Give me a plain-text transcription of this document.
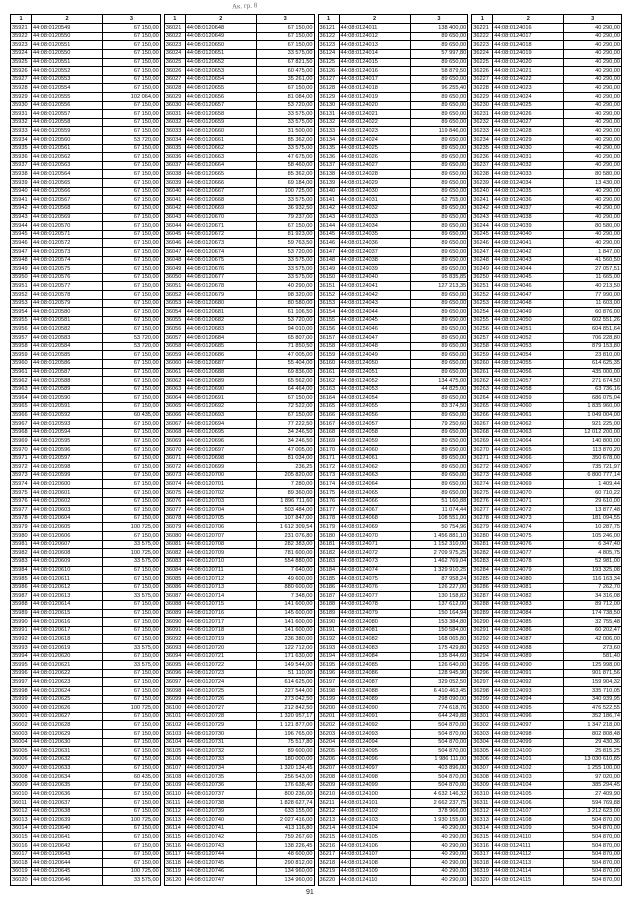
Ак. гр. 8
1	2	3
35921	44:08:0120549	67 150,00
35922	44:08:0120550	67 150,00
35923	44:08:0120551	67 150,00
35924	44:08:0120550	67 150,00
35925	44:08:0120551	67 150,00
35926	44:08:0120552	67 150,00
35927	44:08:0120553	67 150,00
35928	44:08:0120554	67 150,00
35929	44:08:0120555	102 064,00
35930	44:08:0120556	67 150,00
35931	44:08:0120557	67 150,00
35932	44:08:0120558	67 150,00
35933	44:08:0120559	67 150,00
35934	44:08:0120560	53 720,00
35935	44:08:0120561	67 150,00
35936	44:08:0120562	67 150,00
35937	44:08:0120563	67 150,00
35938	44:08:0120564	67 150,00
35939	44:08:0120565	67 150,00
35940	44:08:0120566	67 150,00
35941	44:08:0120567	67 150,00
35942	44:08:0120568	67 150,00
35943	44:08:0120569	67 150,00
35944	44:08:0120570	67 150,00
35945	44:08:0120571	67 150,00
35946	44:08:0120572	67 150,00
35947	44:08:0120573	67 150,00
35948	44:08:0120574	67 150,00
35949	44:08:0120575	67 150,00
35950	44:08:0120576	67 150,00
35951	44:08:0120577	67 150,00
35952	44:08:0120578	67 150,00
35953	44:08:0120579	67 150,00
35954	44:08:0120580	67 150,00
35955	44:08:0120581	67 150,00
35956	44:08:0120582	67 150,00
35957	44:08:0120583	53 720,00
35958	44:08:0120584	53 720,00
35959	44:08:0120585	67 150,00
35960	44:08:0120586	67 150,00
35961	44:08:0120587	67 150,00
35962	44:08:0120588	67 150,00
35963	44:08:0120589	67 150,00
35964	44:08:0120590	67 150,00
35965	44:08:0120591	67 150,00
35966	44:08:0120592	60 435,00
35967	44:08:0120593	67 150,00
35968	44:08:0120594	67 150,00
35969	44:08:0120595	67 150,00
35970	44:08:0120596	67 150,00
35971	44:08:0120597	67 150,00
35972	44:08:0120598	67 150,00
35973	44:08:0120599	67 150,00
35974	44:08:0120600	67 150,00
35975	44:08:0120601	67 150,00
35976	44:08:0120602	67 150,00
35977	44:08:0120603	67 150,00
35978	44:08:0120604	67 150,00
35979	44:08:0120605	100 725,00
35980	44:08:0120606	67 150,00
35981	44:08:0120607	33 575,00
35982	44:08:0120608	100 725,00
35983	44:08:0120609	33 575,00
35984	44:08:0120610	67 150,00
35985	44:08:0120611	67 150,00
35986	44:08:0120612	67 150,00
35987	44:08:0120613	33 575,00
35988	44:08:0120614	67 150,00
35989	44:08:0120615	67 150,00
35990	44:08:0120616	67 150,00
35991	44:08:0120617	67 150,00
35992	44:08:0120618	67 150,00
35993	44:08:0120619	33 575,00
35994	44:08:0120620	67 150,00
35995	44:08:0120621	33 575,00
35996	44:08:0120622	67 150,00
35997	44:08:0120623	67 150,00
35998	44:08:0120624	67 150,00
35999	44:08:0120625	67 150,00
36000	44:08:0120626	100 725,00
36001	44:08:0120627	67 150,00
36002	44:08:0120628	67 150,00
36003	44:08:0120629	67 150,00
36004	44:08:0120630	67 150,00
36005	44:08:0120631	67 150,00
36006	44:08:0120632	67 150,00
36007	44:08:0120633	67 150,00
36008	44:08:0120634	60 435,00
36009	44:08:0120635	67 150,00
36010	44:08:0120636	67 150,00
36011	44:08:0120637	67 150,00
36012	44:08:0120638	67 150,00
36013	44:08:0120639	100 725,00
36014	44:08:0120640	67 150,00
36015	44:08:0120641	67 150,00
36016	44:08:0120642	67 150,00
36017	44:08:0120643	67 150,00
36018	44:08:0120644	67 150,00
36019	44:08:0120645	100 725,00
36020	44:08:0120646	33 575,00
1	2	3
36021	44:08:0120648	67 150,00
36022	44:08:0120649	67 150,00
36023	44:08:0120650	67 150,00
36024	44:08:0120651	33 575,00
36025	44:08:0120652	67 821,50
36026	44:08:0120653	60 475,00
36027	44:08:0120654	35 261,00
36028	44:08:0120655	67 150,00
36029	44:08:0120656	81 084,00
36030	44:08:0120657	53 720,00
36031	44:08:0120658	33 575,00
36032	44:08:0120659	33 575,00
36033	44:08:0120660	31 500,00
36034	44:08:0120661	85 362,00
36035	44:08:0120662	33 575,00
36036	44:08:0120663	47 675,00
36037	44:08:0120664	58 460,00
36038	44:08:0120665	85 362,00
36039	44:08:0120666	69 184,00
36040	44:08:0120667	100 725,00
36041	44:08:0120668	33 575,00
36042	44:08:0120669	36 932,50
36043	44:08:0120670	79 237,00
36044	44:08:0120671	67 150,00
36045	44:08:0120672	81 923,00
36046	44:08:0120673	59 763,50
36047	44:08:0120674	53 720,00
36048	44:08:0120675	33 575,00
36049	44:08:0120676	33 575,00
36050	44:08:0120677	33 575,00
36051	44:08:0120678	40 290,00
36052	44:08:0120679	98 320,00
36053	44:08:0120680	80 580,00
36054	44:08:0120681	61 106,50
36055	44:08:0120682	53 720,00
36056	44:08:0120683	94 010,00
36057	44:08:0120684	65 807,00
36058	44:08:0120685	71 850,50
36059	44:08:0120686	47 005,00
36060	44:08:0120687	55 404,00
36061	44:08:0120688	69 836,00
36062	44:08:0120689	65 562,00
36063	44:08:0120690	64 464,00
36064	44:08:0120691	67 150,00
36065	44:08:0120692	72 522,00
36066	44:08:0120693	67 150,00
36067	44:08:0120694	77 222,50
36068	44:08:0120695	34 246,50
36069	44:08:0120696	34 246,50
36070	44:08:0120697	47 005,00
36071	44:08:0120698	81 034,00
36072	44:08:0120699	236,25
36073	44:08:0120700	205 820,00
36074	44:08:0120701	7 280,00
36075	44:08:0120702	89 360,00
36076	44:08:0120703	1 896 711,60
36077	44:08:0120704	503 484,00
36078	44:08:0120705	107 847,00
36079	44:08:0120706	1 612 309,54
36080	44:08:0120707	231 076,80
36081	44:08:0120708	282 383,00
36082	44:08:0120709	781 600,00
36083	44:08:0120710	554 880,00
36084	44:08:0120711	7 640,00
36085	44:08:0120712	49 600,00
36086	44:08:0120713	880 600,00
36087	44:08:0120714	7 348,00
36088	44:08:0120715	141 600,00
36089	44:08:0120716	145 600,00
36090	44:08:0120717	141 600,00
36091	44:08:0120718	141 600,00
36092	44:08:0120719	236 380,00
36093	44:08:0120720	122 712,00
36094	44:08:0120721	171 630,00
36095	44:08:0120722	149 544,00
36096	44:08:0120723	51 110,00
36097	44:08:0120724	614 625,00
36098	44:08:0120725	227 544,00
36099	44:08:0120726	273 042,50
36100	44:08:0120727	212 842,50
36101	44:08:0120728	1 320 957,17
36102	44:08:0120729	1 121 877,00
36103	44:08:0120730	196 765,00
36104	44:08:0120731	75 517,80
36105	44:08:0120732	89 600,00
36106	44:08:0120733	180 000,00
36107	44:08:0120734	1 320 134,45
36108	44:08:0120735	256 543,00
36109	44:08:0120736	176 638,40
36110	44:08:0120737	800 236,00
36111	44:08:0120738	1 828 627,74
36112	44:08:0120739	633 155,00
36113	44:08:0120740	2 027 416,00
36114	44:08:0120741	413 116,80
36115	44:08:0120742	759 267,60
36116	44:08:0120743	138 226,45
36117	44:08:0120744	48 600,00
36118	44:08:0120745	290 812,00
36119	44:08:0120746	134 960,00
36120	44:08:0120747	134 960,00
1	2	3
36121	44:08:0124011	138 400,00
36122	44:08:0124012	89 650,00
36123	44:08:0124013	89 650,00
36124	44:08:0124014	57 997,80
36125	44:08:0124015	89 650,00
36126	44:08:0124016	58 879,50
36127	44:08:0124017	89 650,00
36128	44:08:0124018	96 255,40
36129	44:08:0124019	89 650,00
36130	44:08:0124020	89 650,00
36131	44:08:0124021	89 650,00
36132	44:08:0124022	89 650,00
36133	44:08:0124023	119 846,00
36134	44:08:0124024	89 650,00
36135	44:08:0124025	89 650,00
36136	44:08:0124026	89 650,00
36137	44:08:0124027	89 650,00
36138	44:08:0124028	89 650,00
36139	44:08:0124029	89 650,00
36140	44:08:0124030	89 650,00
36141	44:08:0124031	62 755,00
36142	44:08:0124032	89 650,00
36143	44:08:0124033	89 650,00
36144	44:08:0124034	89 650,00
36145	44:08:0124035	89 650,00
36146	44:08:0124036	89 650,00
36147	44:08:0124037	89 650,00
36148	44:08:0124038	89 650,00
36149	44:08:0124039	89 650,00
36150	44:08:0124040	95 835,85
36151	44:08:0124041	127 213,35
36152	44:08:0124042	89 650,00
36153	44:08:0124043	89 650,00
36154	44:08:0124044	89 650,00
36155	44:08:0124045	89 650,00
36156	44:08:0124046	89 650,00
36157	44:08:0124047	89 650,00
36158	44:08:0124048	89 650,00
36159	44:08:0124049	89 650,00
36160	44:08:0124050	89 650,00
36161	44:08:0124051	89 650,00
36162	44:08:0124052	134 475,00
36163	44:08:0124053	44 825,00
36164	44:08:0124054	89 650,00
36165	44:08:0124055	83 374,50
36166	44:08:0124056	89 650,00
36167	44:08:0124057	79 250,60
36168	44:08:0124058	89 650,00
36169	44:08:0124059	89 650,00
36170	44:08:0124060	89 650,00
36171	44:08:0124061	89 650,00
36172	44:08:0124062	89 650,00
36173	44:08:0124063	89 650,00
36174	44:08:0124064	89 650,00
36175	44:08:0124065	89 650,00
36176	44:08:0124066	51 160,88
36177	44:08:0124067	11 074,44
36178	44:08:0124068	108 551,00
36179	44:08:0124069	50 754,96
36180	44:08:0124070	1 456 881,10
36181	44:08:0124071	1 152 310,00
36182	44:08:0124072	2 709 975,25
36183	44:08:0124073	1 462 769,04
36184	44:08:0124074	1 329 910,25
36185	44:08:0124075	87 958,24
36186	44:08:0124076	126 227,00
36187	44:08:0124077	130 158,82
36188	44:08:0124078	137 612,00
36189	44:08:0124079	150 164,94
36190	44:08:0124080	153 384,80
36191	44:08:0124081	150 584,00
36192	44:08:0124082	168 065,80
36193	44:08:0124083	175 429,80
36194	44:08:0124084	135 844,60
36195	44:08:0124085	126 640,00
36196	44:08:0124086	128 945,90
36197	44:08:0124087	329 052,50
36198	44:08:0124088	6 410 463,45
36199	44:08:0124089	298 090,00
36200	44:08:0124090	774 618,76
36201	44:08:0124091	644 249,88
36202	44:08:0124092	504 870,00
36203	44:08:0124093	504 870,00
36204	44:08:0124094	504 870,00
36205	44:08:0124095	504 870,00
36206	44:08:0124096	1 986 111,00
36207	44:08:0124097	403 896,00
36208	44:08:0124098	504 870,00
36209	44:08:0124099	504 870,00
36210	44:08:0124100	4 632 146,32
36211	44:08:0124101	2 662 237,75
36212	44:08:0124102	378 966,00
36213	44:08:0124103	1 930 155,00
36214	44:08:0124104	40 290,00
36215	44:08:0124105	40 290,00
36216	44:08:0124106	40 290,00
36217	44:08:0124107	40 290,00
36218	44:08:0124108	40 290,00
36219	44:08:0124109	40 290,00
36220	44:08:0124110	40 290,00
1	2	3
36221	44:08:0124016	40 290,00
36222	44:08:0124017	40 290,00
36223	44:08:0124018	40 290,00
36224	44:08:0124019	40 290,00
36225	44:08:0124020	40 290,00
36226	44:08:0124021	40 290,00
36227	44:08:0124022	40 290,00
36228	44:08:0124023	40 290,00
36229	44:08:0124024	40 290,00
36230	44:08:0124025	40 290,00
36231	44:08:0124026	40 290,00
36232	44:08:0124027	40 290,00
36233	44:08:0124028	40 290,00
36234	44:08:0124029	40 290,00
36235	44:08:0124030	40 290,00
36236	44:08:0124031	40 290,00
36237	44:08:0124032	40 290,00
36238	44:08:0124033	80 580,00
36239	44:08:0124034	13 430,00
36240	44:08:0124035	40 290,00
36241	44:08:0124036	40 290,00
36242	44:08:0124037	40 290,00
36243	44:08:0124038	40 290,00
36244	44:08:0124039	80 580,00
36245	44:08:0124040	40 290,00
36246	44:08:0124041	40 290,00
36247	44:08:0124042	1 847,00
36248	44:08:0124043	41 560,50
36249	44:08:0124044	27 057,51
36250	44:08:0124045	11 665,00
36251	44:08:0124046	40 213,50
36252	44:08:0124047	77 990,00
36253	44:08:0124048	11 603,00
36254	44:08:0124049	60 876,00
36255	44:08:0124050	602 551,26
36256	44:08:0124051	604 851,64
36257	44:08:0124052	706 228,80
36258	44:08:0124053	879 153,80
36259	44:08:0124054	23 810,00
36260	44:08:0124055	614 625,35
36261	44:08:0124056	435 000,00
36262	44:08:0124057	271 674,50
36263	44:08:0124058	63 736,16
36264	44:08:0124059	686 075,04
36265	44:08:0124060	1 835 960,00
36266	44:08:0124061	1 049 004,00
36267	44:08:0124062	921 225,00
36268	44:08:0124063	12 012 200,00
36269	44:08:0124064	140 800,00
36270	44:08:0124065	113 870,20
36271	44:08:0124066	350 678,00
36272	44:08:0124067	735 721,97
36273	44:08:0124068	6 800 777,14
36274	44:08:0124069	1 409,44
36275	44:08:0124070	60 710,22
36276	44:08:0124071	29 610,00
36277	44:08:0124072	13 877,48
36278	44:08:0124073	181 094,55
36279	44:08:0124074	10 287,75
36280	44:08:0124075	105 246,00
36281	44:08:0124076	6 347,40
36282	44:08:0124077	4 805,75
36283	44:08:0124078	52 981,00
36284	44:08:0124079	193 325,08
36285	44:08:0124080	116 163,34
36286	44:08:0124081	7 262,70
36287	44:08:0124082	34 316,08
36288	44:08:0124083	89 712,00
36289	44:08:0124084	174 738,50
36290	44:08:0124085	32 755,48
36291	44:08:0124086	60 202,47
36292	44:08:0124087	42 006,00
36293	44:08:0124088	273,60
36294	44:08:0124089	581,40
36295	44:08:0124090	125 998,00
36296	44:08:0124091	901 871,56
36297	44:08:0124092	159 904,32
36298	44:08:0124093	335 710,05
36299	44:08:0124094	340 939,95
36300	44:08:0124095	476 522,55
36301	44:08:0124096	352 186,74
36302	44:08:0124097	1 347 218,00
36303	44:08:0124098	802 808,48
36304	44:08:0124099	29 430,36
36305	44:08:0124100	25 815,25
36306	44:08:0124101	13 030 610,85
36307	44:08:0124102	1 255 100,00
36308	44:08:0124103	97 020,00
36309	44:08:0124104	385 294,45
36310	44:08:0124105	27 409,90
36311	44:08:0124106	594 769,88
36312	44:08:0124107	3 212 623,00
36313	44:08:0124108	504 870,00
36314	44:08:0124109	504 870,00
36315	44:08:0124110	504 870,00
36316	44:08:0124111	504 870,00
36317	44:08:0124112	504 870,00
36318	44:08:0124113	504 870,00
36319	44:08:0124114	504 870,00
36320	44:08:0124115	504 870,00
91
